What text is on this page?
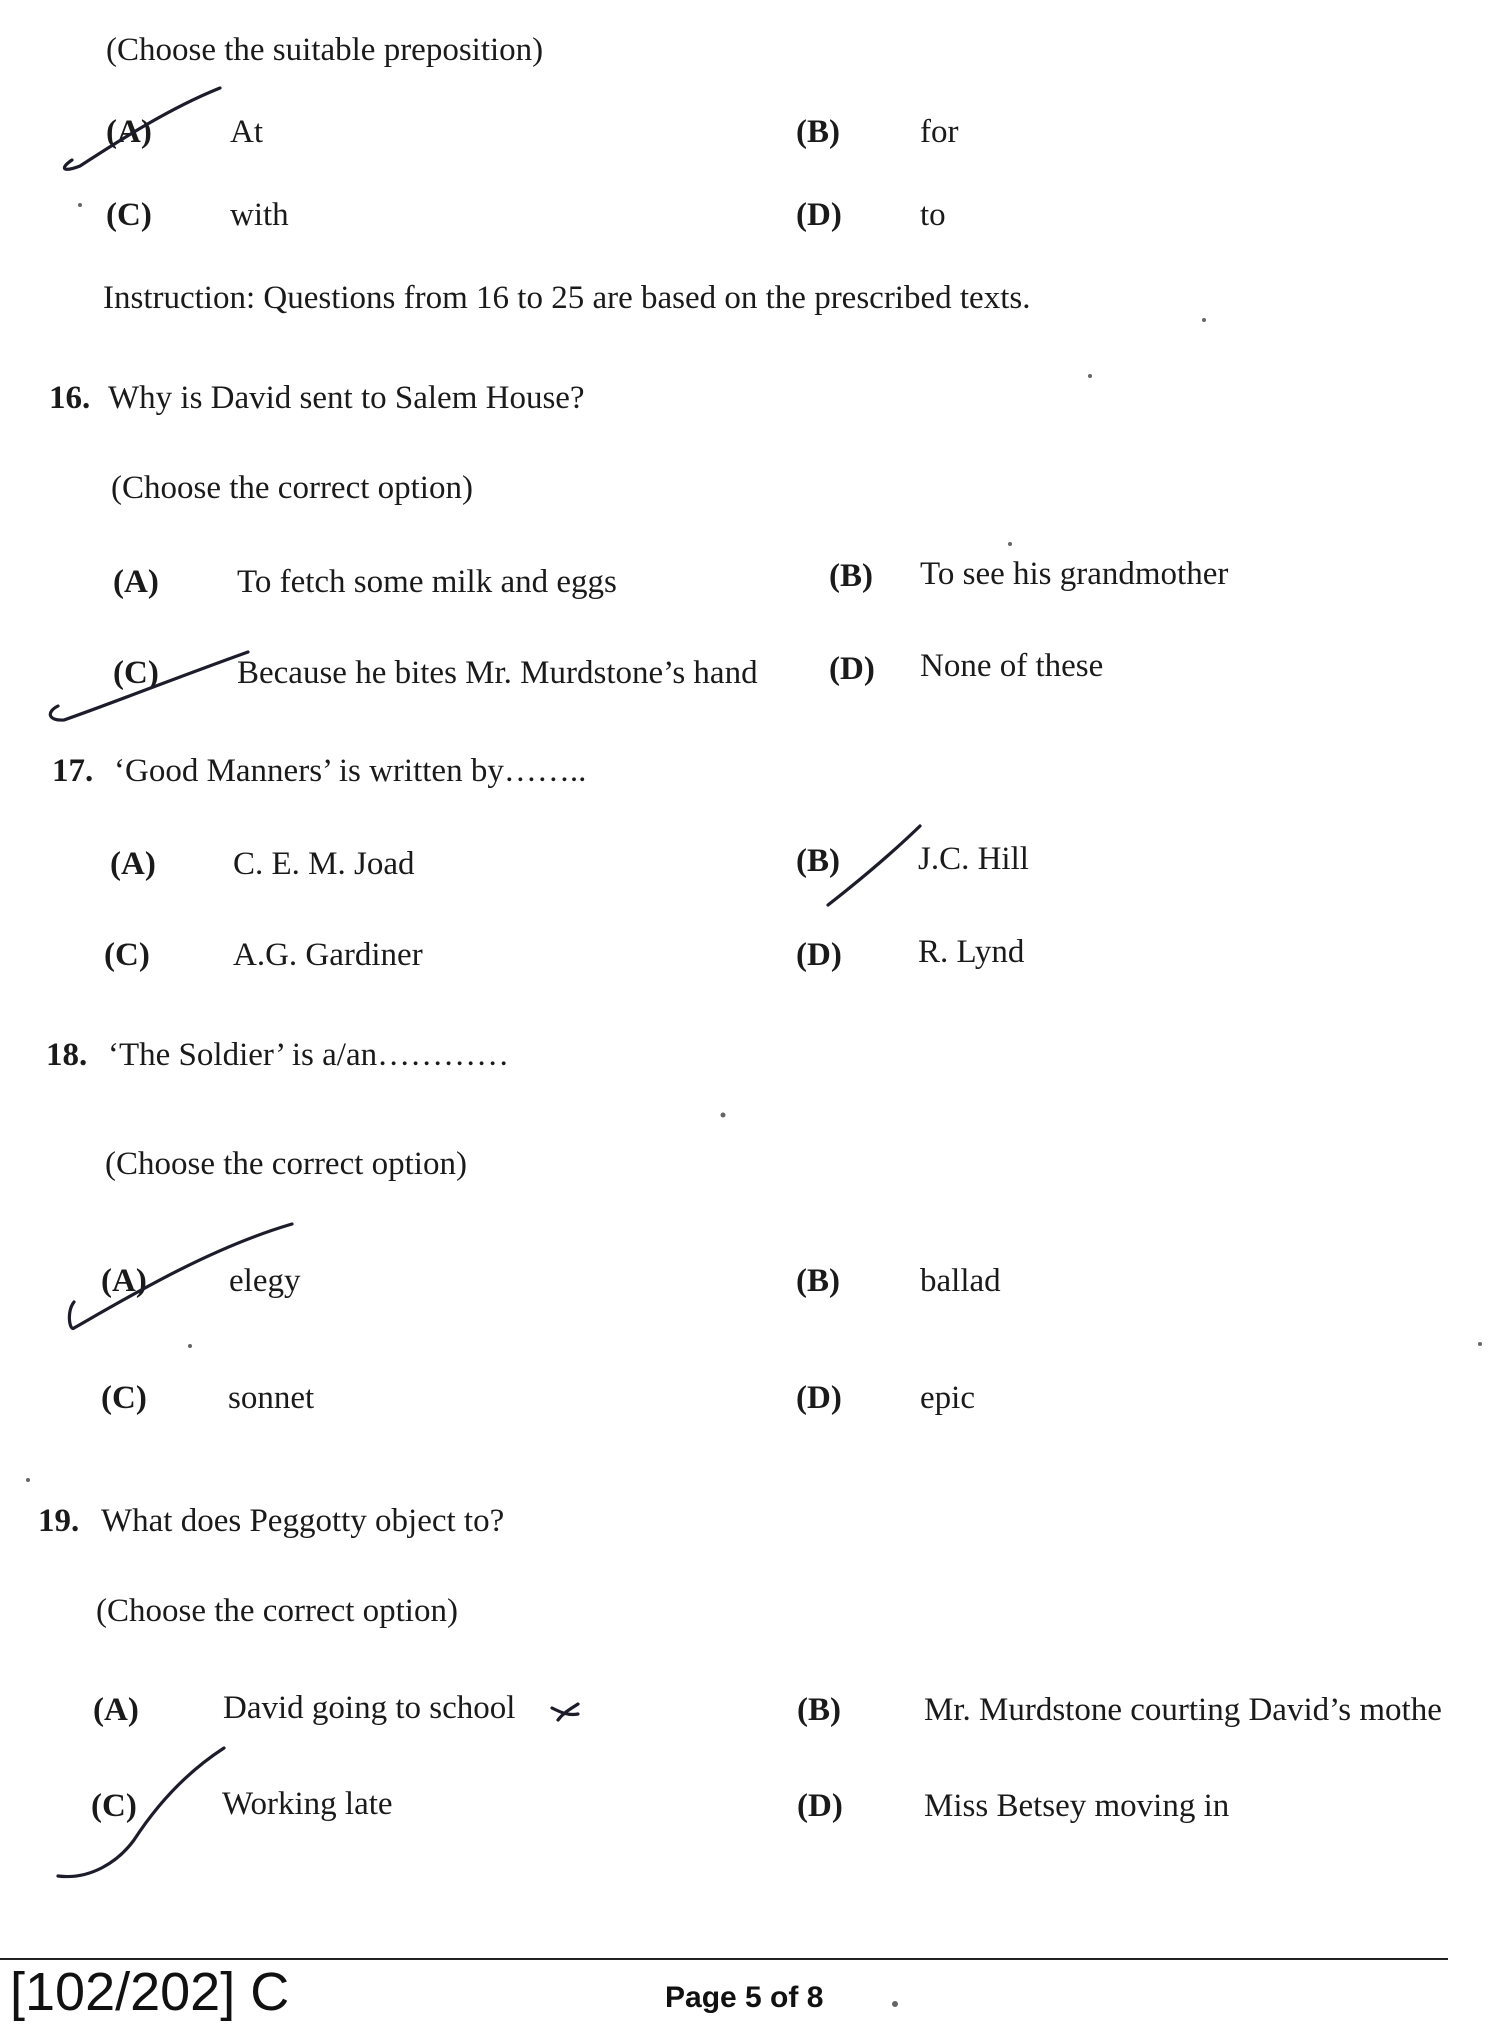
(Choose the suitable preposition)
(A) At	(B) for
(C) with	(D) to
Instruction: Questions from 16 to 25 are based on the prescribed texts.
16. Why is David sent to Salem House?
(Choose the correct option)
(A) To fetch some milk and eggs	(B) To see his grandmother
(C) Because he bites Mr. Murdstone’s hand (D) None of these
17. ‘Good Manners’ is written by……..
(A) C. E. M. Joad	(B) J.C. Hill
(C)	A.G. Gardiner	(D) R. Lynd
18. ‘The Soldier’ is a/an…………
(Choose the correct option)
(A) elegy	(B) ballad
(C) sonnet	(D) epic
19. What does Peggotty object to?
(Choose the correct option)
(A)	David going to school	(B)	Mr. Murdstone courting David’s mothe
(C)	Working late	(D) Miss Betsey moving in
[102/202] C	Page 5 of 8
